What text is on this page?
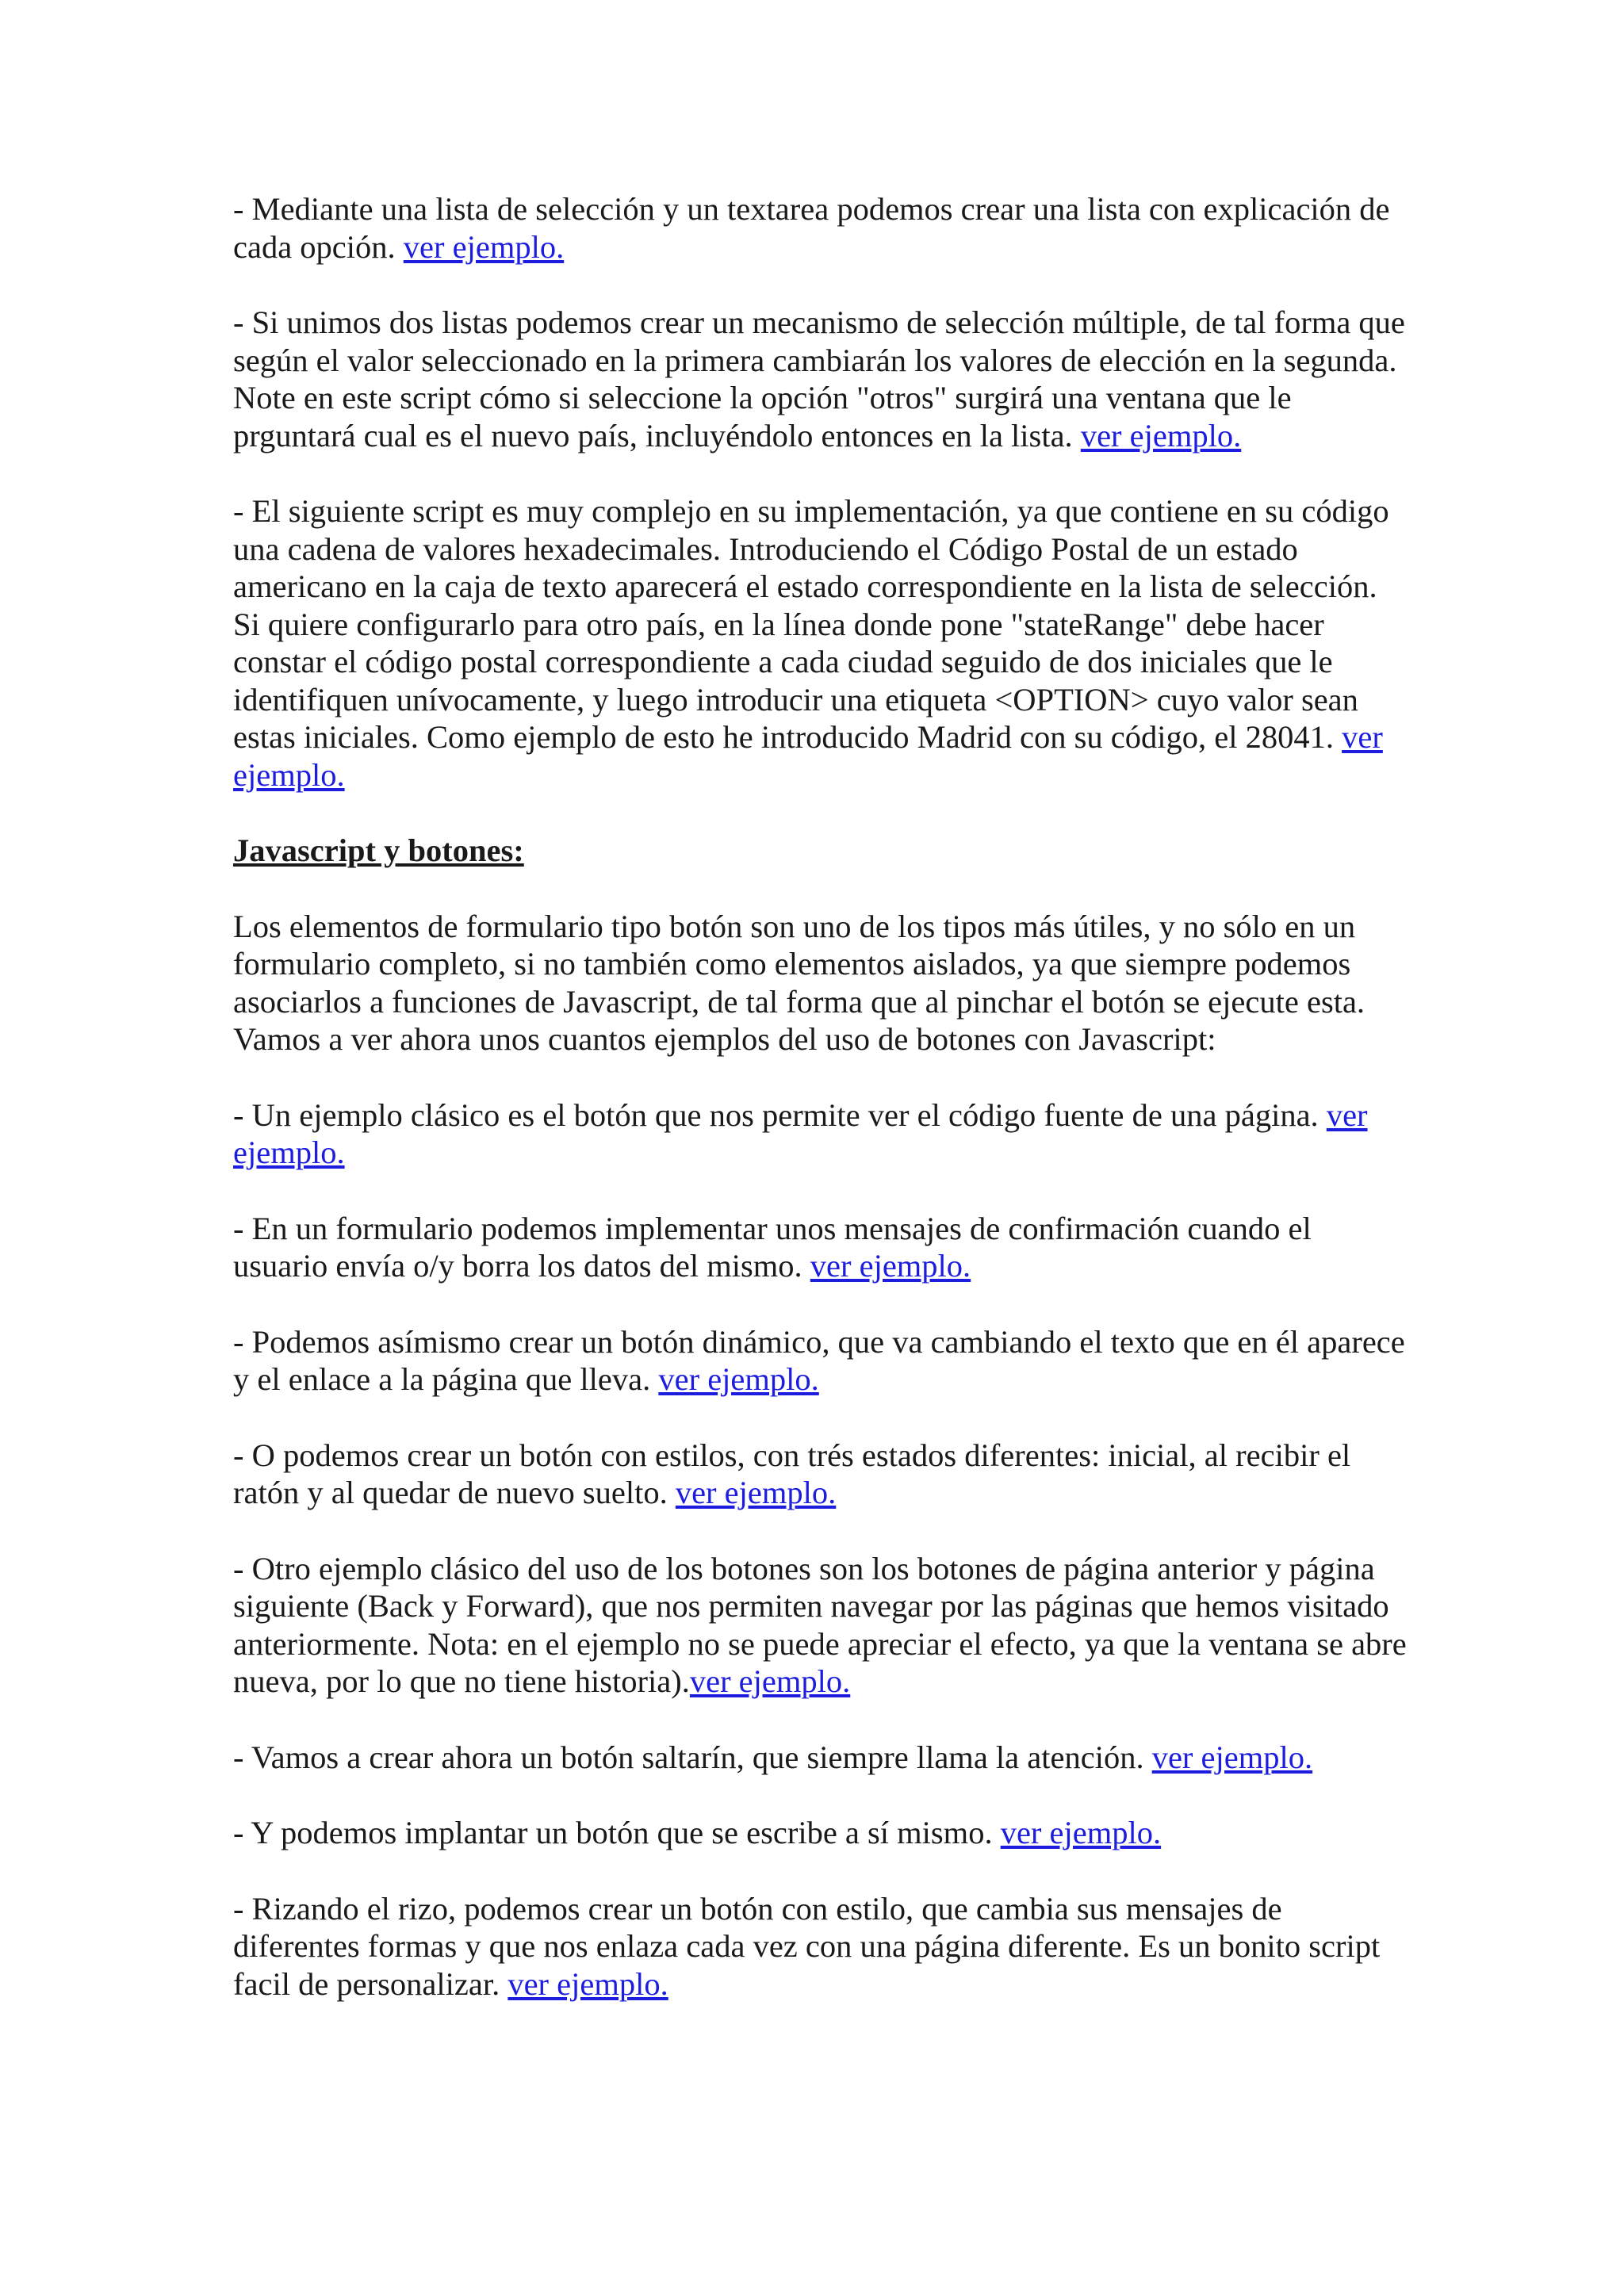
- Mediante una lista de selección y un textarea podemos crear una lista con explicación de cada opción. ver ejemplo.

- Si unimos dos listas podemos crear un mecanismo de selección múltiple, de tal forma que según el valor seleccionado en la primera cambiarán los valores de elección en la segunda. Note en este script cómo si seleccione la opción "otros" surgirá una ventana que le prguntará cual es el nuevo país, incluyéndolo entonces en la lista. ver ejemplo.

- El siguiente script es muy complejo en su implementación, ya que contiene en su código una cadena de valores hexadecimales. Introduciendo el Código Postal de un estado americano en la caja de texto aparecerá el estado correspondiente en la lista de selección. Si quiere configurarlo para otro país, en la línea donde pone "stateRange" debe hacer constar el código postal correspondiente a cada ciudad seguido de dos iniciales que le identifiquen unívocamente, y luego introducir una etiqueta <OPTION> cuyo valor sean estas iniciales. Como ejemplo de esto he introducido Madrid con su código, el 28041. ver ejemplo.

Javascript y botones:

Los elementos de formulario tipo botón son uno de los tipos más útiles, y no sólo en un formulario completo, si no también como elementos aislados, ya que siempre podemos asociarlos a funciones de Javascript, de tal forma que al pinchar el botón se ejecute esta. Vamos a ver ahora unos cuantos ejemplos del uso de botones con Javascript:

- Un ejemplo clásico es el botón que nos permite ver el código fuente de una página. ver ejemplo.

- En un formulario podemos implementar unos mensajes de confirmación cuando el usuario envía o/y borra los datos del mismo. ver ejemplo.

- Podemos asímismo crear un botón dinámico, que va cambiando el texto que en él aparece y el enlace a la página que lleva. ver ejemplo.

- O podemos crear un botón con estilos, con trés estados diferentes: inicial, al recibir el ratón y al quedar de nuevo suelto. ver ejemplo.

- Otro ejemplo clásico del uso de los botones son los botones de página anterior y página siguiente (Back y Forward), que nos permiten navegar por las páginas que hemos visitado anteriormente. Nota: en el ejemplo no se puede apreciar el efecto, ya que la ventana se abre nueva, por lo que no tiene historia).ver ejemplo.

- Vamos a crear ahora un botón saltarín, que siempre llama la atención. ver ejemplo.

- Y podemos implantar un botón que se escribe a sí mismo. ver ejemplo.

- Rizando el rizo, podemos crear un botón con estilo, que cambia sus mensajes de diferentes formas y que nos enlaza cada vez con una página diferente. Es un bonito script facil de personalizar. ver ejemplo.
